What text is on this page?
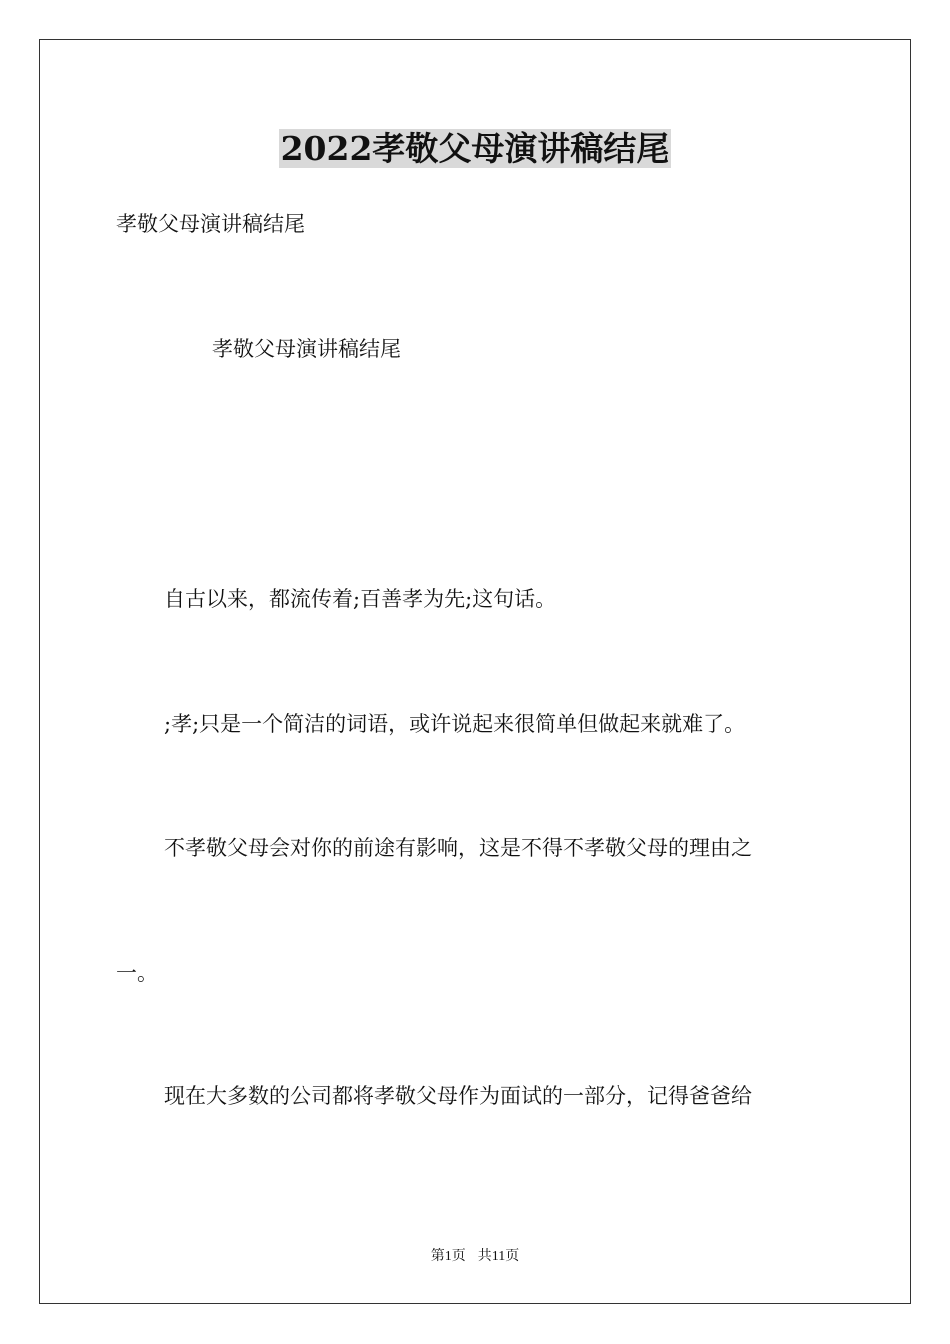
2022孝敬父母演讲稿结尾
孝敬父母演讲稿结尾
孝敬父母演讲稿结尾
自古以来，都流传着;百善孝为先;这句话。
;孝;只是一个简洁的词语，或许说起来很简单但做起来就难了。
不孝敬父母会对你的前途有影响，这是不得不孝敬父母的理由之
一。
现在大多数的公司都将孝敬父母作为面试的一部分，记得爸爸给
第1页 共11页
